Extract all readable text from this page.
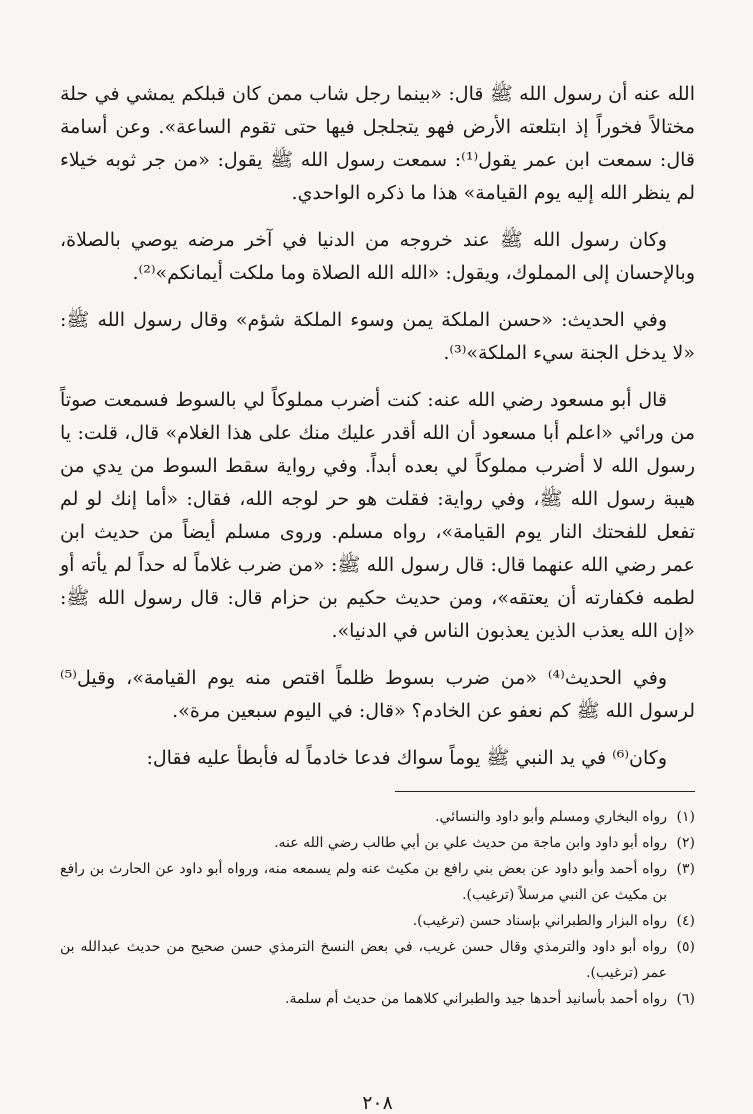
الله عنه أن رسول الله ﷺ قال: «بينما رجل شاب ممن كان قبلكم يمشي في حلة مختالاً فخوراً إذ ابتلعته الأرض فهو يتجلجل فيها حتى تقوم الساعة». وعن أسامة قال: سمعت ابن عمر يقول⁽¹⁾: سمعت رسول الله ﷺ يقول: «من جر ثوبه خيلاء لم ينظر الله إليه يوم القيامة» هذا ما ذكره الواحدي.

وكان رسول الله ﷺ عند خروجه من الدنيا في آخر مرضه يوصي بالصلاة، وبالإحسان إلى المملوك، ويقول: «الله الله الصلاة وما ملكت أيمانكم»⁽²⁾.

وفي الحديث: «حسن الملكة يمن وسوء الملكة شؤم» وقال رسول الله ﷺ: «لا يدخل الجنة سيء الملكة»⁽³⁾.

قال أبو مسعود رضي الله عنه: كنت أضرب مملوكاً لي بالسوط فسمعت صوتاً من ورائي «اعلم أبا مسعود أن الله أقدر عليك منك على هذا الغلام» قال، قلت: يا رسول الله لا أضرب مملوكاً لي بعده أبداً. وفي رواية سقط السوط من يدي من هيبة رسول الله ﷺ، وفي رواية: فقلت هو حر لوجه الله، فقال: «أما إنك لو لم تفعل للفحتك النار يوم القيامة»، رواه مسلم. وروى مسلم أيضاً من حديث ابن عمر رضي الله عنهما قال: قال رسول الله ﷺ: «من ضرب غلاماً له حداً لم يأته أو لطمه فكفارته أن يعتقه»، ومن حديث حكيم بن حزام قال: قال رسول الله ﷺ: «إن الله يعذب الذين يعذبون الناس في الدنيا».

وفي الحديث⁽⁴⁾ «من ضرب بسوط ظلماً اقتص منه يوم القيامة»، وقيل⁽⁵⁾ لرسول الله ﷺ كم نعفو عن الخادم؟ «قال: في اليوم سبعين مرة».

وكان⁽⁶⁾ في يد النبي ﷺ يوماً سواك فدعا خادماً له فأبطأ عليه فقال:

(١)
رواه البخاري ومسلم وأبو داود والنسائي.
(٢)
رواه أبو داود وابن ماجة من حديث علي بن أبي طالب رضي الله عنه.
(٣)
رواه أحمد وأبو داود عن بعض بني رافع بن مكيث عنه ولم يسمعه منه، ورواه أبو داود عن الحارث بن رافع بن مكيث عن النبي مرسلاً (ترغيب).
(٤)
رواه البزار والطبراني بإسناد حسن (ترغيب).
(٥)
رواه أبو داود والترمذي وقال حسن غريب، في بعض النسخ الترمذي حسن صحيح من حديث عبدالله بن عمر (ترغيب).
(٦)
رواه أحمد بأسانيد أحدها جيد والطبراني كلاهما من حديث أم سلمة.
٢٠٨
